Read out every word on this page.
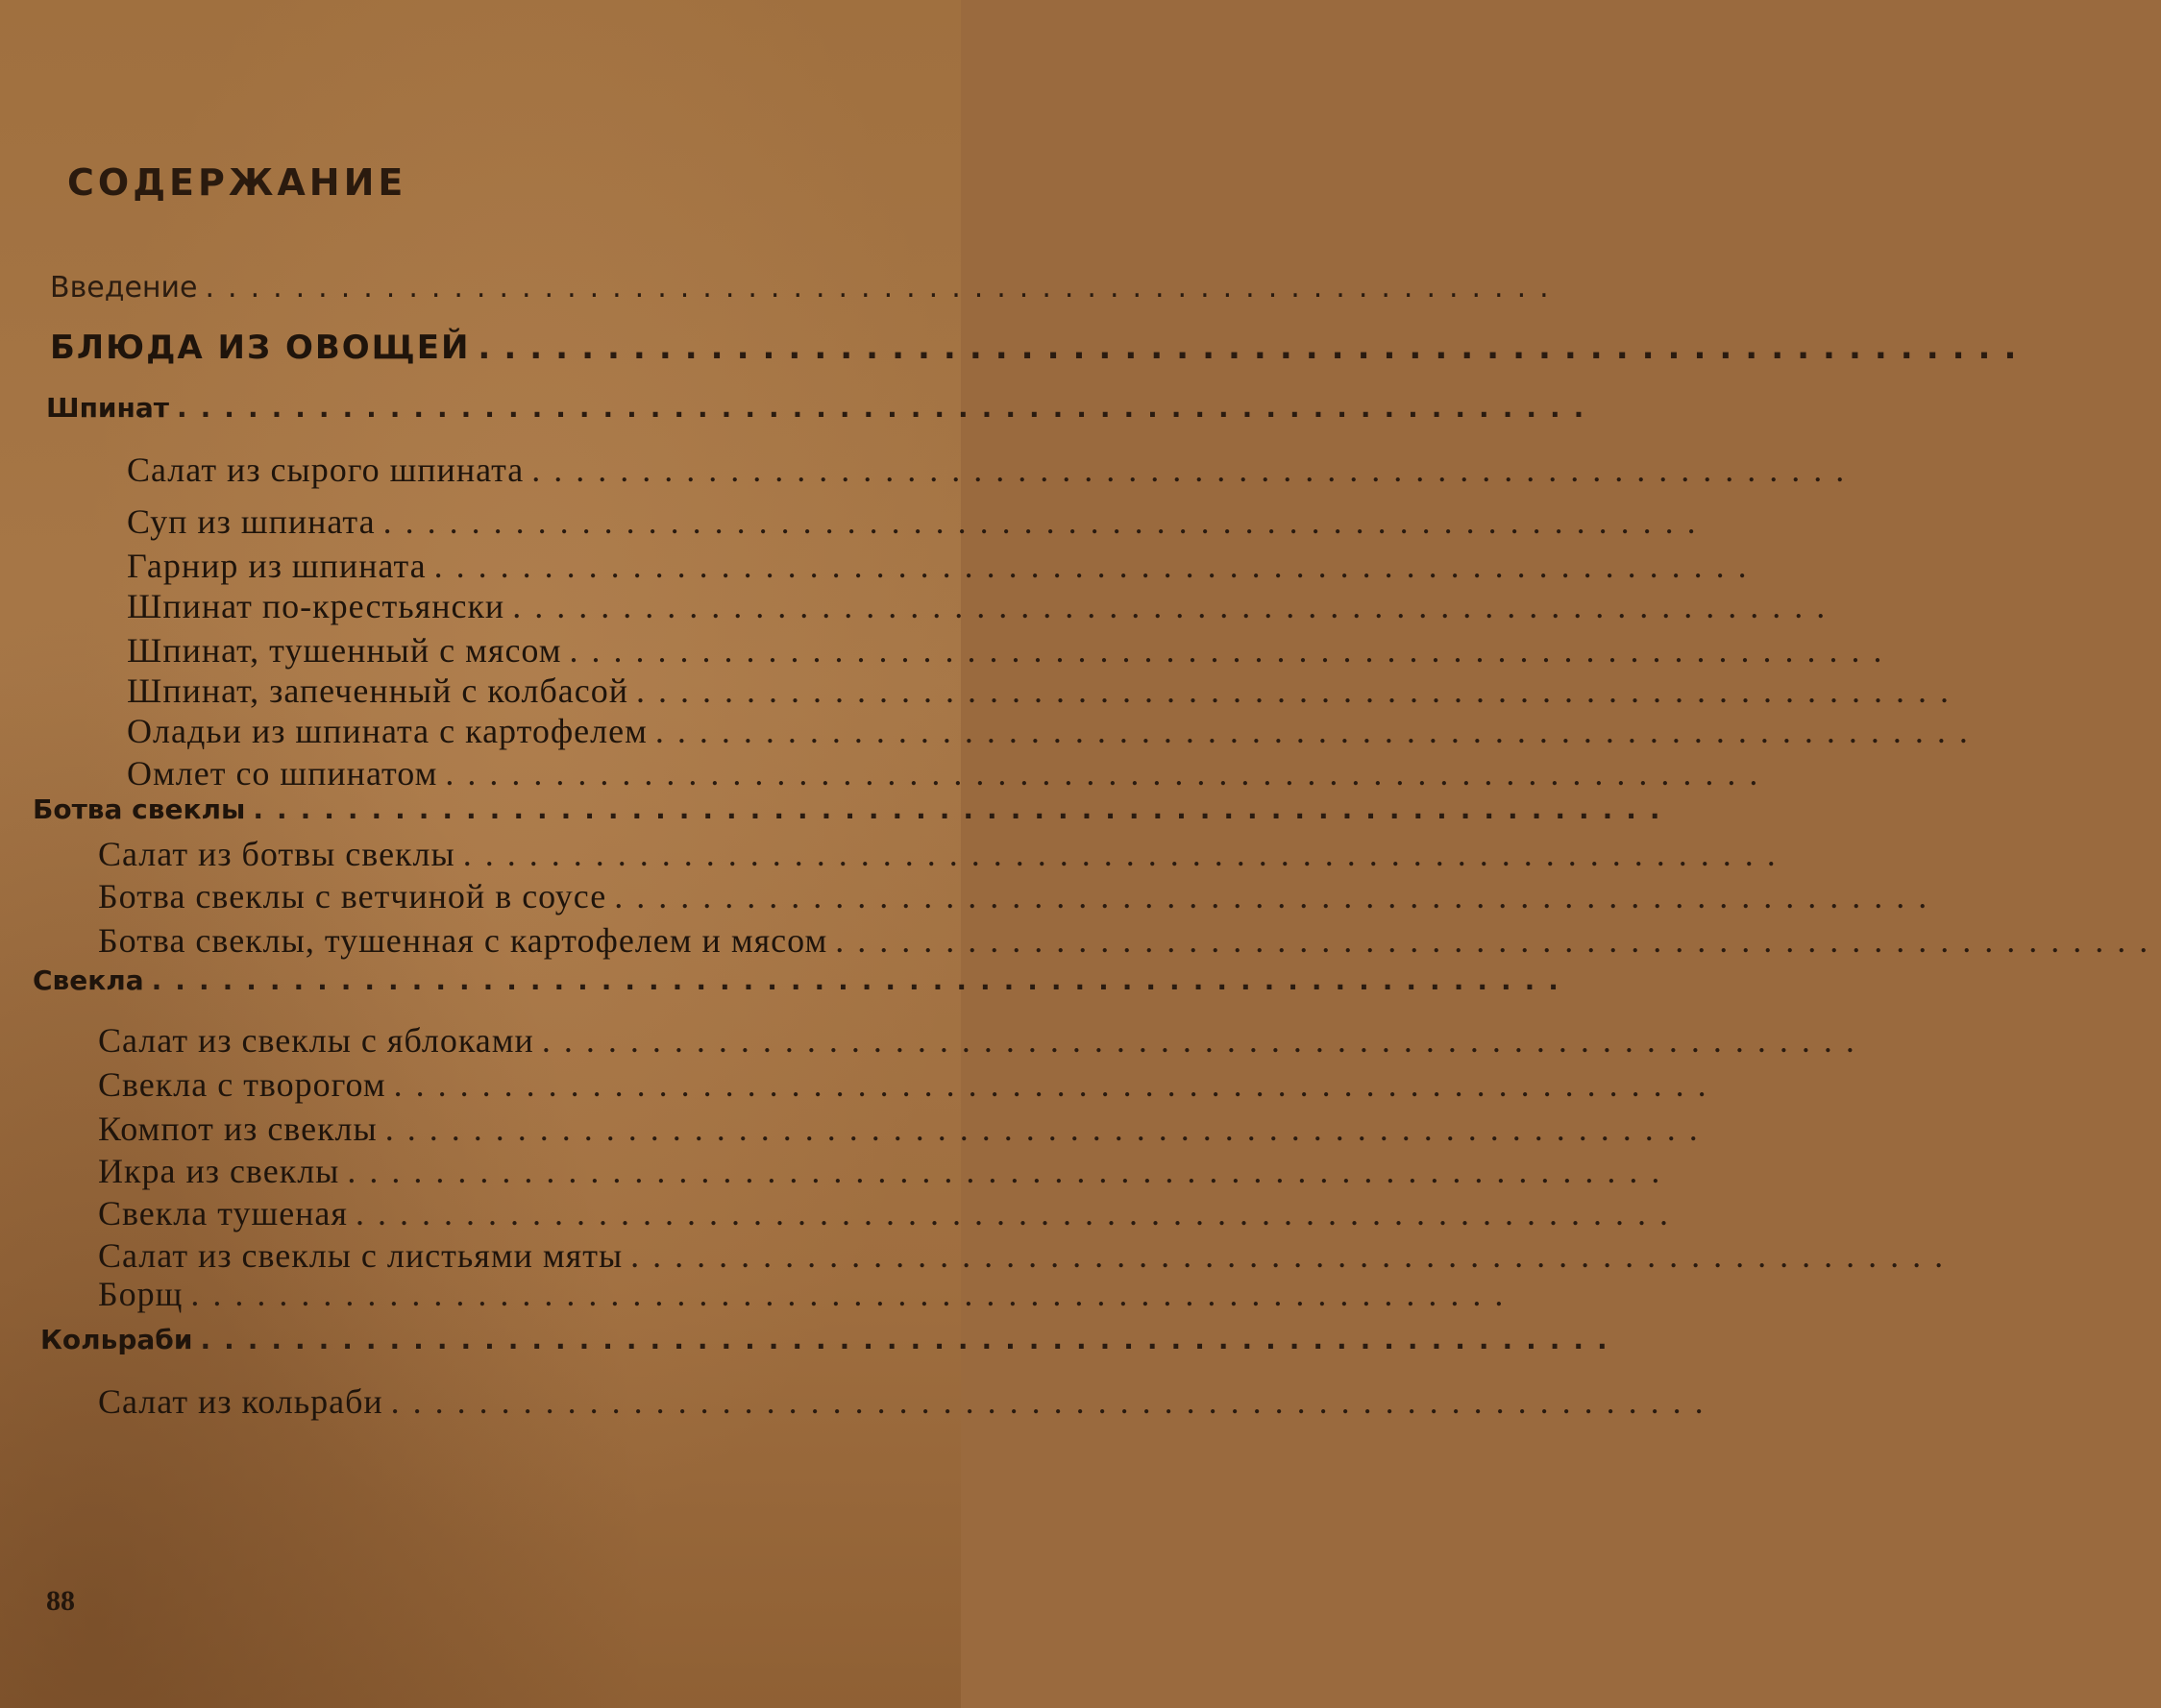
СОДЕРЖАНИЕ
Введение ............................................................
БЛЮДА ИЗ ОВОЩЕЙ ............................................................
Шпинат ............................................................
Салат из сырого шпината ............................................................
Суп из шпината ............................................................
Гарнир из шпината ............................................................
Шпинат по-крестьянски ............................................................
Шпинат, тушенный с мясом ............................................................
Шпинат, запеченный с колбасой ............................................................
Оладьи из шпината с картофелем ............................................................
Омлет со шпинатом ............................................................
Ботва свеклы ............................................................
Салат из ботвы свеклы ............................................................
Ботва свеклы с ветчиной в соусе ............................................................
Ботва свеклы, тушенная с картофелем и мясом ............................................................
Свекла ............................................................
Салат из свеклы с яблоками ............................................................
Свекла с творогом ............................................................
Компот из свеклы ............................................................
Икра из свеклы ............................................................
Свекла тушеная ............................................................
Салат из свеклы с листьями мяты ............................................................
Борщ ............................................................
Кольраби ............................................................
Салат из кольраби ............................................................
88
